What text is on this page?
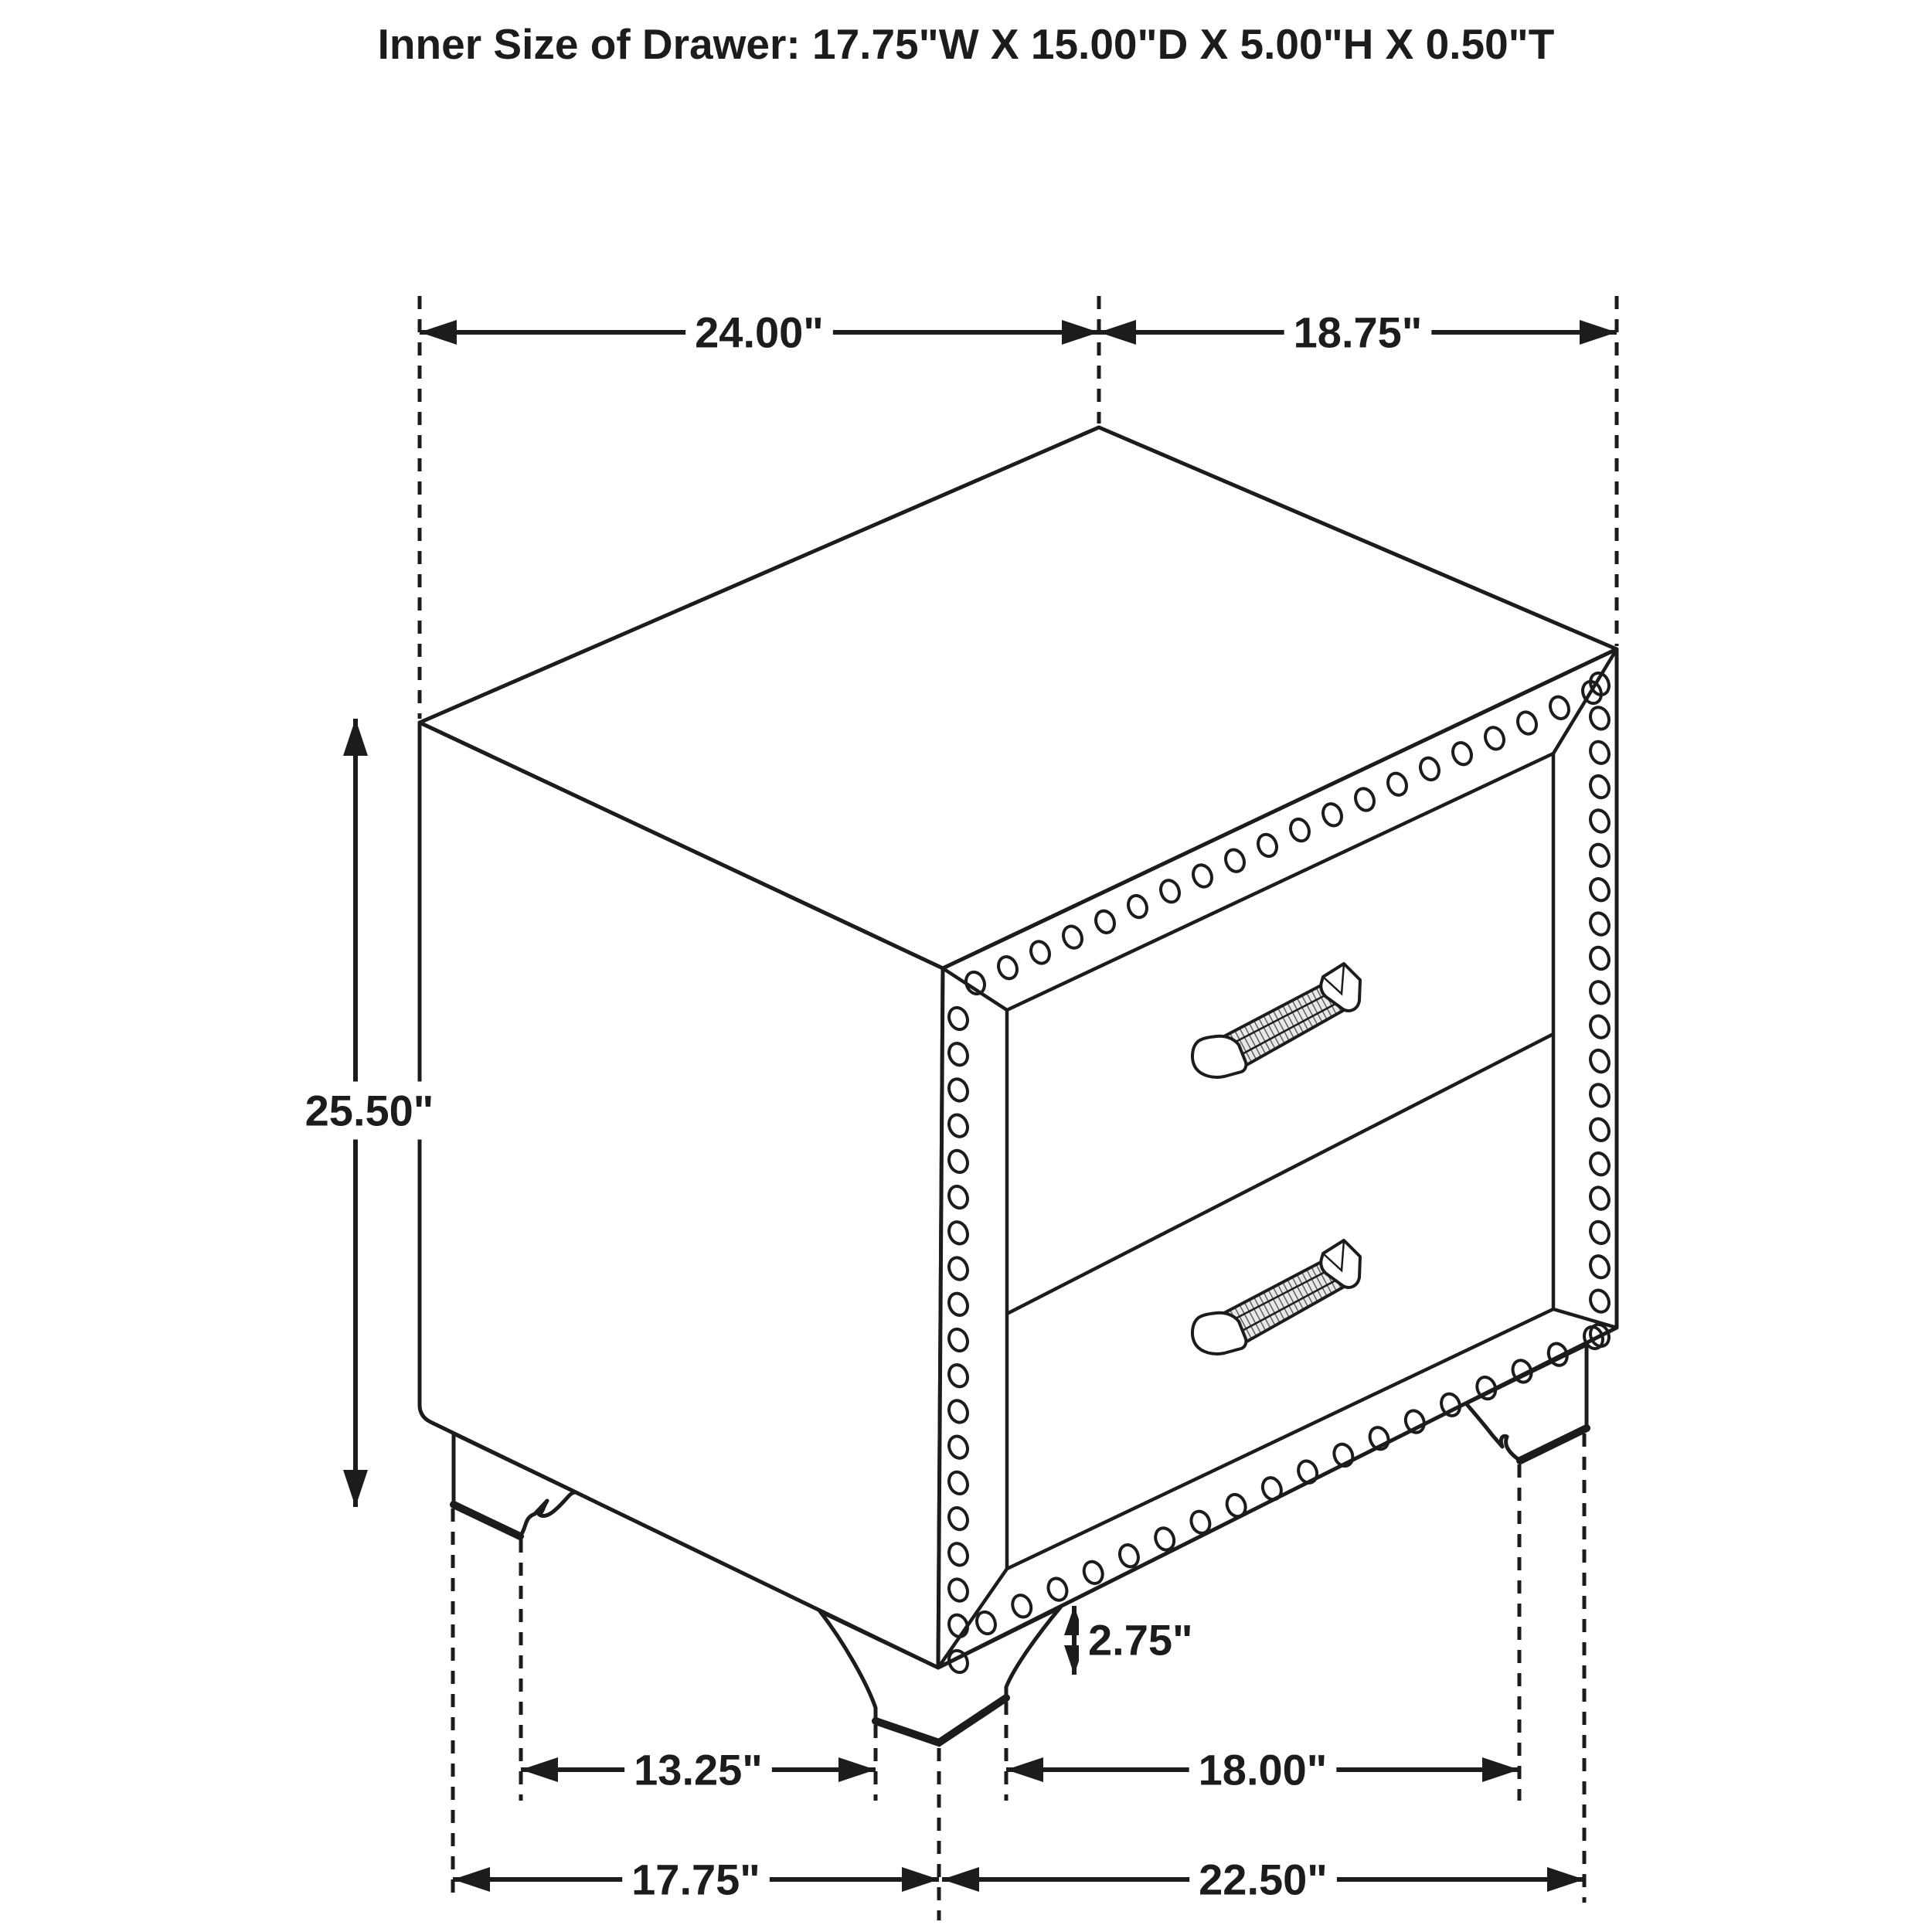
Inner Size of Drawer: 17.75"W X 15.00"D X 5.00"H X 0.50"T
24.00"	18.75"
25.50"
13.25"	18.00"
17.75"	22.50"
2.75"
